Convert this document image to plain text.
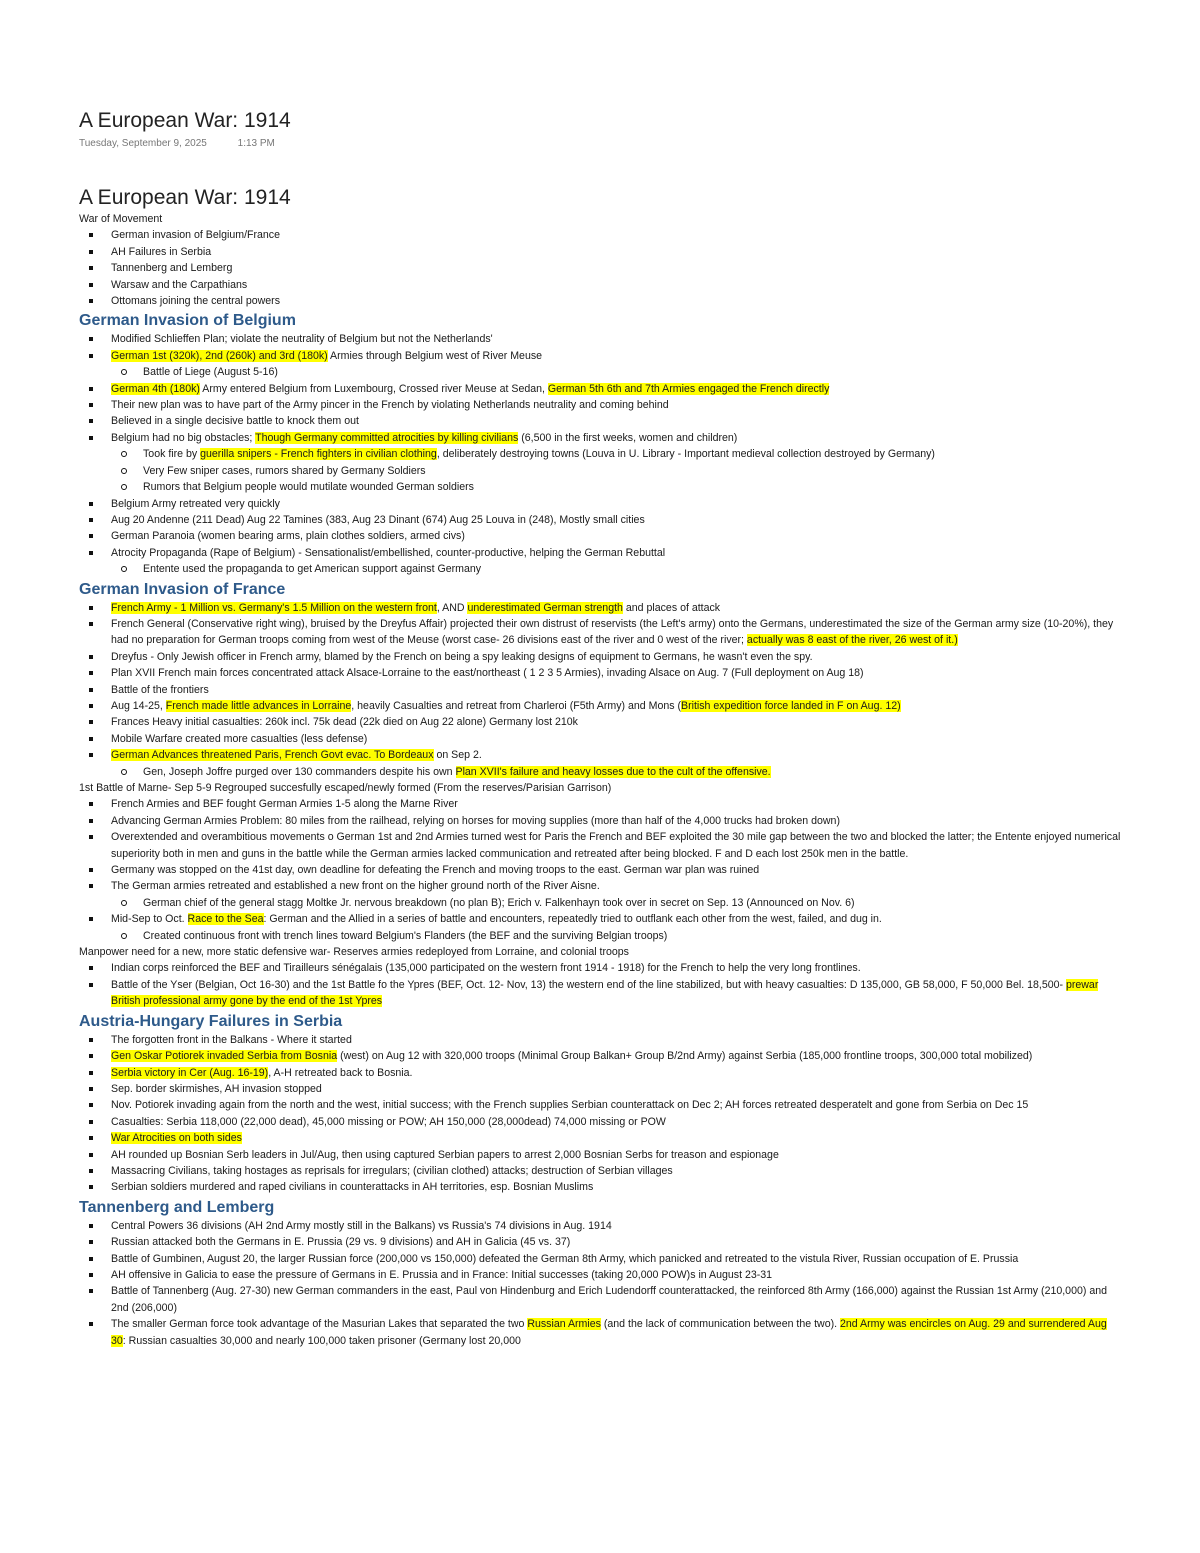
A European War: 1914
Tuesday, September 9, 2025	1:13 PM
A European War: 1914

War of Movement

German invasion of Belgium/France
AH Failures in Serbia
Tannenberg and Lemberg
Warsaw and the Carpathians
Ottomans joining the central powers
German Invasion of Belgium
Modified Schlieffen Plan; violate the neutrality of Belgium but not the Netherlands'
German 1st (320k), 2nd (260k) and 3rd (180k) Armies through Belgium west of River Meuse
Battle of Liege (August 5-16)
German 4th (180k) Army entered Belgium from Luxembourg, Crossed river Meuse at Sedan, German 5th 6th and 7th Armies engaged the French directly
Their new plan was to have part of the Army pincer in the French by violating Netherlands neutrality and coming behind
Believed in a single decisive battle to knock them out
Belgium had no big obstacles; Though Germany committed atrocities by killing civilians (6,500 in the first weeks, women and children)
Took fire by guerilla snipers - French fighters in civilian clothing, deliberately destroying towns (Louva in U. Library - Important medieval collection destroyed by Germany)
Very Few sniper cases, rumors shared by Germany Soldiers
Rumors that Belgium people would mutilate wounded German soldiers
Belgium Army retreated very quickly
Aug 20 Andenne (211 Dead) Aug 22 Tamines (383, Aug 23 Dinant (674) Aug 25 Louva in (248), Mostly small cities
German Paranoia (women bearing arms, plain clothes soldiers, armed civs)
Atrocity Propaganda (Rape of Belgium) - Sensationalist/embellished, counter-productive, helping the German Rebuttal
Entente used the propaganda to get American support against Germany
German Invasion of France
French Army - 1 Million vs. Germany's 1.5 Million on the western front, AND underestimated German strength and places of attack
French General (Conservative right wing), bruised by the Dreyfus Affair) projected their own distrust of reservists (the Left's army) onto the Germans, underestimated the size of the German army size (10-20%), they had no preparation for German troops coming from west of the Meuse (worst case- 26 divisions east of the river and 0 west of the river; actually was 8 east of the river, 26 west of it.)
Dreyfus - Only Jewish officer in French army, blamed by the French on being a spy leaking designs of equipment to Germans, he wasn't even the spy.
Plan XVII French main forces concentrated attack Alsace-Lorraine to the east/northeast ( 1 2 3 5 Armies), invading Alsace on Aug. 7 (Full deployment on Aug 18)
Battle of the frontiers
Aug 14-25, French made little advances in Lorraine, heavily Casualties and retreat from Charleroi (F5th Army) and Mons (British expedition force landed in F on Aug. 12)
Frances Heavy initial casualties: 260k incl. 75k dead (22k died on Aug 22 alone) Germany lost 210k
Mobile Warfare created more casualties (less defense)
German Advances threatened Paris, French Govt evac. To Bordeaux on Sep 2.
Gen, Joseph Joffre purged over 130 commanders despite his own Plan XVII's failure and heavy losses due to the cult of the offensive.

1st Battle of Marne- Sep 5-9 Regrouped succesfully escaped/newly formed (From the reserves/Parisian Garrison)

French Armies and BEF fought German Armies 1-5 along the Marne River
Advancing German Armies Problem: 80 miles from the railhead, relying on horses for moving supplies (more than half of the 4,000 trucks had broken down)
Overextended and overambitious movements o German 1st and 2nd Armies turned west for Paris the French and BEF exploited the 30 mile gap between the two and blocked the latter; the Entente enjoyed numerical superiority both in men and guns in the battle while the German armies lacked communication and retreated after being blocked. F and D each lost 250k men in the battle.
Germany was stopped on the 41st day, own deadline for defeating the French and moving troops to the east. German war plan was ruined
The German armies retreated and established a new front on the higher ground north of the River Aisne.
German chief of the general stagg Moltke Jr. nervous breakdown (no plan B); Erich v. Falkenhayn took over in secret on Sep. 13 (Announced on Nov. 6)
Mid-Sep to Oct. Race to the Sea: German and the Allied in a series of battle and encounters, repeatedly tried to outflank each other from the west, failed, and dug in.
Created continuous front with trench lines toward Belgium's Flanders (the BEF and the surviving Belgian troops)

Manpower need for a new, more static defensive war- Reserves armies redeployed from Lorraine, and colonial troops

Indian corps reinforced the BEF and Tirailleurs sénégalais (135,000 participated on the western front 1914 - 1918) for the French to help the very long frontlines.
Battle of the Yser (Belgian, Oct 16-30) and the 1st Battle fo the Ypres (BEF, Oct. 12- Nov, 13) the western end of the line stabilized, but with heavy casualties: D 135,000, GB 58,000, F 50,000 Bel. 18,500- prewar British professional army gone by the end of the 1st Ypres
Austria-Hungary Failures in Serbia
The forgotten front in the Balkans - Where it started
Gen Oskar Potiorek invaded Serbia from Bosnia (west) on Aug 12 with 320,000 troops (Minimal Group Balkan+ Group B/2nd Army) against Serbia (185,000 frontline troops, 300,000 total mobilized)
Serbia victory in Cer (Aug. 16-19), A-H retreated back to Bosnia.
Sep. border skirmishes, AH invasion stopped
Nov. Potiorek invading again from the north and the west, initial success; with the French supplies Serbian counterattack on Dec 2; AH forces retreated desperatelt and gone from Serbia on Dec 15
Casualties: Serbia 118,000 (22,000 dead), 45,000 missing or POW; AH 150,000 (28,000dead) 74,000 missing or POW
War Atrocities on both sides
AH rounded up Bosnian Serb leaders in Jul/Aug, then using captured Serbian papers to arrest 2,000 Bosnian Serbs for treason and espionage
Massacring Civilians, taking hostages as reprisals for irregulars; (civilian clothed) attacks; destruction of Serbian villages
Serbian soldiers murdered and raped civilians in counterattacks in AH territories, esp. Bosnian Muslims
Tannenberg and Lemberg
Central Powers 36 divisions (AH 2nd Army mostly still in the Balkans) vs Russia's 74 divisions in Aug. 1914
Russian attacked both the Germans in E. Prussia (29 vs. 9 divisions) and AH in Galicia (45 vs. 37)
Battle of Gumbinen, August 20, the larger Russian force (200,000 vs 150,000) defeated the German 8th Army, which panicked and retreated to the vistula River, Russian occupation of E. Prussia
AH offensive in Galicia to ease the pressure of Germans in E. Prussia and in France: Initial successes (taking 20,000 POW)s in August 23-31
Battle of Tannenberg (Aug. 27-30) new German commanders in the east, Paul von Hindenburg and Erich Ludendorff counterattacked, the reinforced 8th Army (166,000) against the Russian 1st Army (210,000) and 2nd (206,000)
The smaller German force took advantage of the Masurian Lakes that separated the two Russian Armies (and the lack of communication between the two). 2nd Army was encircles on Aug. 29 and surrendered Aug 30: Russian casualties 30,000 and nearly 100,000 taken prisoner (Germany lost 20,000
